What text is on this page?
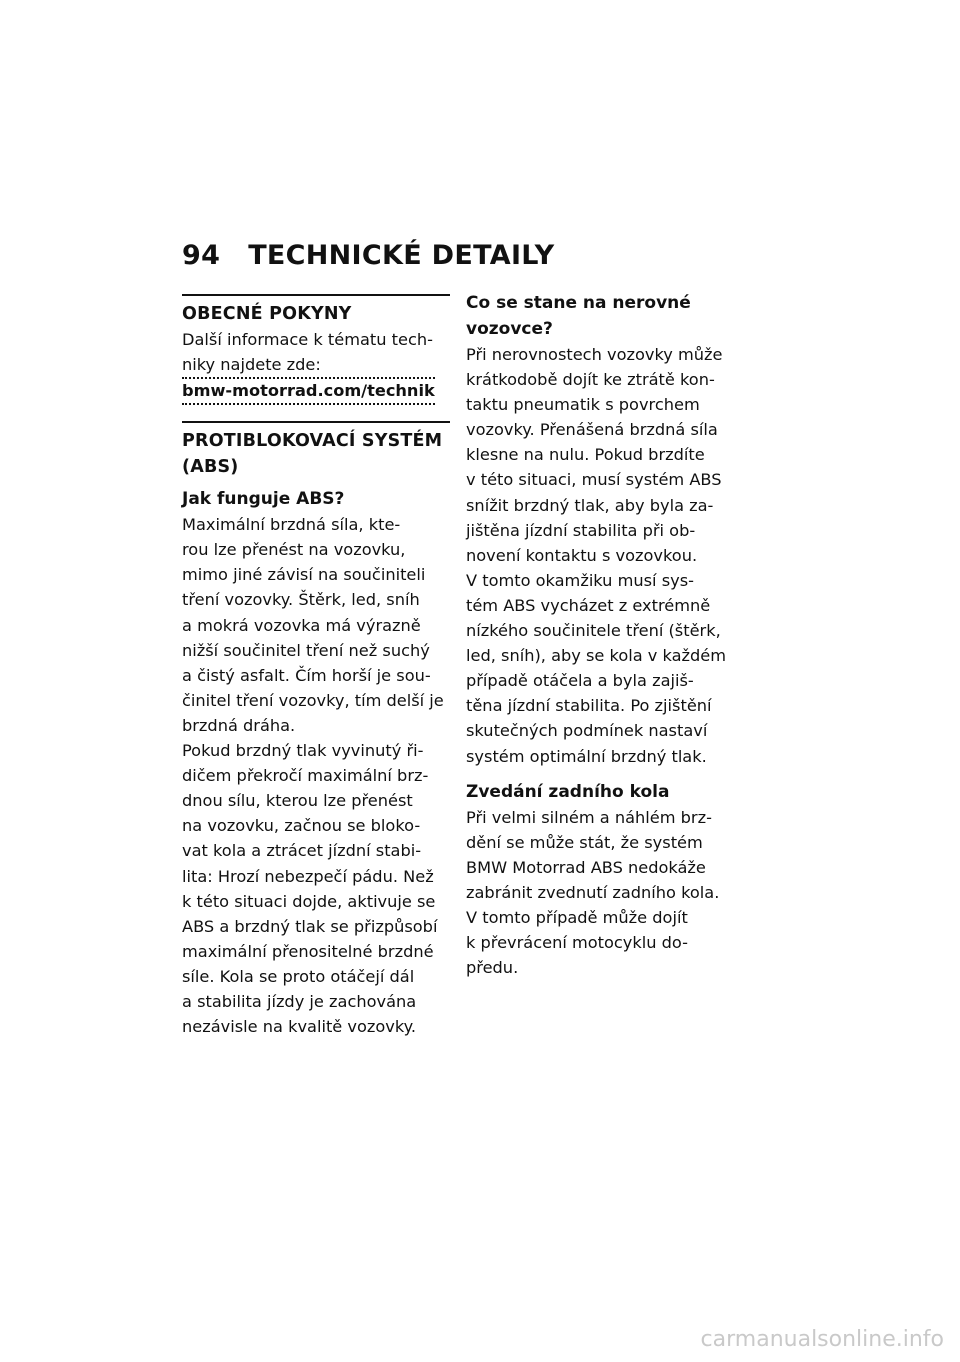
94 TECHNICKÉ DETAILY
OBECNÉ POKYNY
Další informace k tématu tech-
niky najdete zde:
bmw-motorrad.com/technik
PROTIBLOKOVACÍ SYSTÉM
(ABS)
Jak funguje ABS?
Maximální brzdná síla, kte-
rou lze přenést na vozovku,
mimo jiné závisí na součiniteli
tření vozovky. Štěrk, led, sníh
a mokrá vozovka má výrazně
nižší součinitel tření než suchý
a čistý asfalt. Čím horší je sou-
činitel tření vozovky, tím delší je
brzdná dráha.
Pokud brzdný tlak vyvinutý ři-
dičem překročí maximální brz-
dnou sílu, kterou lze přenést
na vozovku, začnou se bloko-
vat kola a ztrácet jízdní stabi-
lita: Hrozí nebezpečí pádu. Než
k této situaci dojde, aktivuje se
ABS a brzdný tlak se přizpůsobí
maximální přenositelné brzdné
síle. Kola se proto otáčejí dál
a stabilita jízdy je zachována
nezávisle na kvalitě vozovky.
Co se stane na nerovné
vozovce?
Při nerovnostech vozovky může
krátkodobě dojít ke ztrátě kon-
taktu pneumatik s povrchem
vozovky. Přenášená brzdná síla
klesne na nulu. Pokud brzdíte
v této situaci, musí systém ABS
snížit brzdný tlak, aby byla za-
jištěna jízdní stabilita při ob-
novení kontaktu s vozovkou.
V tomto okamžiku musí sys-
tém ABS vycházet z extrémně
nízkého součinitele tření (štěrk,
led, sníh), aby se kola v každém
případě otáčela a byla zajiš-
těna jízdní stabilita. Po zjištění
skutečných podmínek nastaví
systém optimální brzdný tlak.
Zvedání zadního kola
Při velmi silném a náhlém brz-
dění se může stát, že systém
BMW Motorrad ABS nedokáže
zabránit zvednutí zadního kola.
V tomto případě může dojít
k převrácení motocyklu do-
předu.
carmanualsonline.info
